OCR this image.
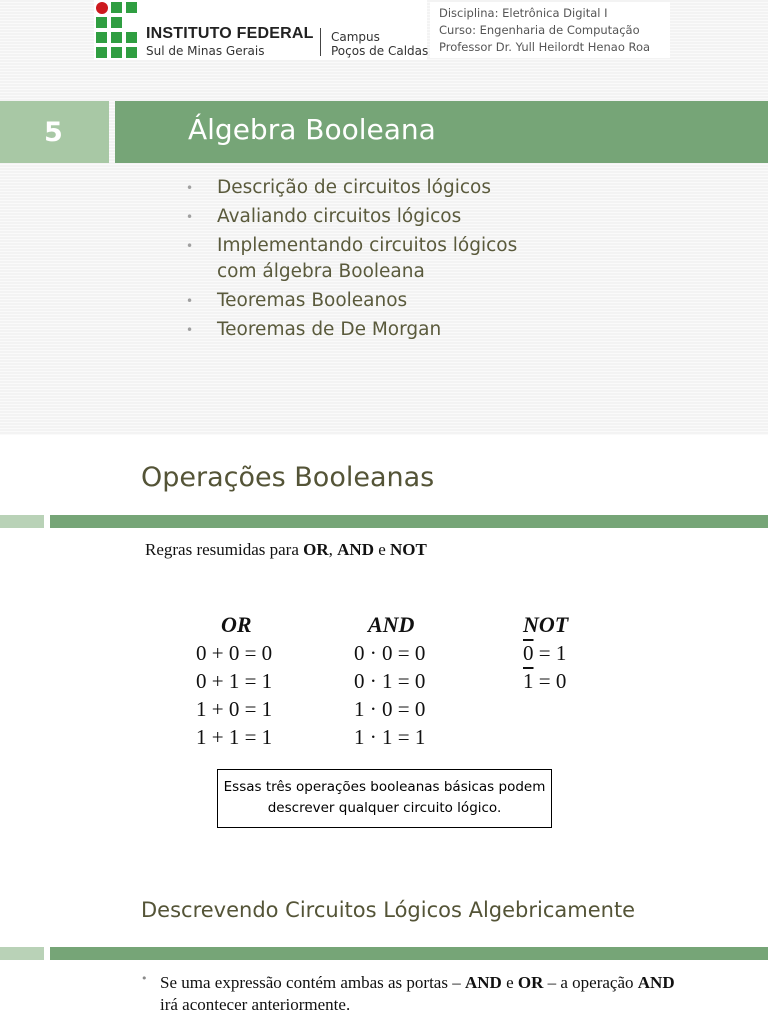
INSTITUTO FEDERAL
Sul de Minas Gerais
Campus
Poços de Caldas
Disciplina: Eletrônica Digital I
Curso: Engenharia de Computação
Professor Dr. Yull Heilordt Henao Roa
5	Álgebra Booleana
• Descrição de circuitos lógicos
• Avaliando circuitos lógicos
• Implementando circuitos lógicos com álgebra Booleana
• Teoremas Booleanos
• Teoremas de De Morgan
Operações Booleanas
Regras resumidas para OR, AND e NOT
OR
0 + 0 = 0
0 + 1 = 1
1 + 0 = 1
1 + 1 = 1
AND
0 · 0 = 0
0 · 1 = 0
1 · 0 = 0
1 · 1 = 1
NOT
0 = 1
1 = 0
Essas três operações booleanas básicas podem descrever qualquer circuito lógico.
Descrevendo Circuitos Lógicos Algebricamente
• Se uma expressão contém ambas as portas – AND e OR – a operação AND irá acontecer anteriormente.
